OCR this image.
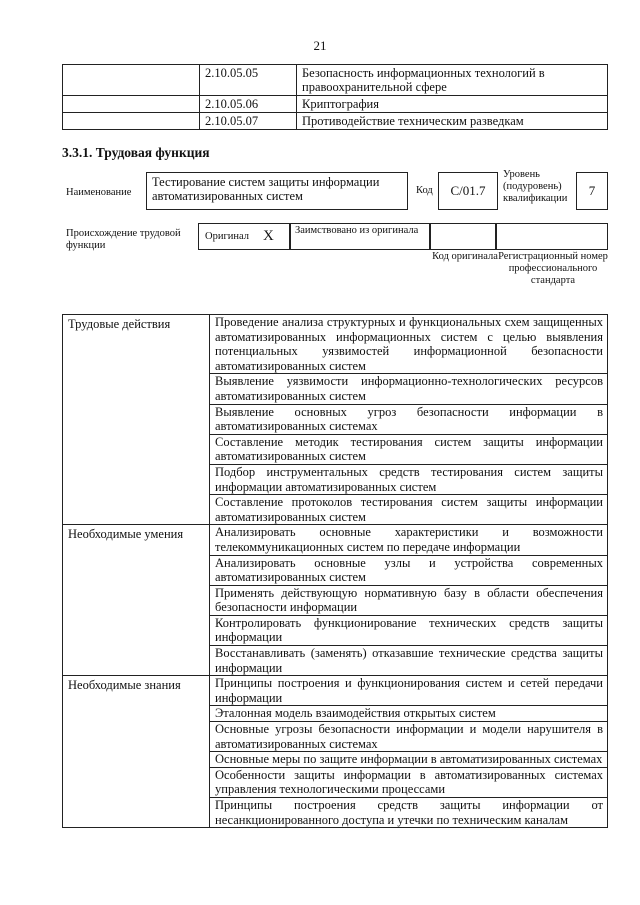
21
	2.10.05.05	Безопасность информационных технологий в правоохранительной сфере
	2.10.05.06	Криптография
	2.10.05.07	Противодействие техническим разведкам
3.3.1. Трудовая функция
Наименование
Тестирование систем защиты информации автоматизированных систем	Код	C/01.7
Уровень (подуровень) квалификации
7
Происхождение трудовой функции
Оригинал X	Заимствовано из оригинала
Код оригинала Регистрационный номер профессионального стандарта
Трудовые действия	Проведение анализа структурных и функциональных схем защищенных автоматизированных информационных систем с целью выявления потенциальных уязвимостей информационной безопасности автоматизированных систем
	Выявление уязвимости информационно-технологических ресурсов автоматизированных систем
	Выявление основных угроз безопасности информации в автоматизированных системах
	Составление методик тестирования систем защиты информации автоматизированных систем
	Подбор инструментальных средств тестирования систем защиты информации автоматизированных систем
	Составление протоколов тестирования систем защиты информации автоматизированных систем
Необходимые умения	Анализировать основные характеристики и возможности телекоммуникационных систем по передаче информации
	Анализировать основные узлы и устройства современных автоматизированных систем
	Применять действующую нормативную базу в области обеспечения безопасности информации
	Контролировать функционирование технических средств защиты информации
	Восстанавливать (заменять) отказавшие технические средства защиты информации
Необходимые знания	Принципы построения и функционирования систем и сетей передачи информации
	Эталонная модель взаимодействия открытых систем
	Основные угрозы безопасности информации и модели нарушителя в автоматизированных системах
	Основные меры по защите информации в автоматизированных системах
	Особенности защиты информации в автоматизированных системах управления технологическими процессами
	Принципы построения средств защиты информации от несанкционированного доступа и утечки по техническим каналам
